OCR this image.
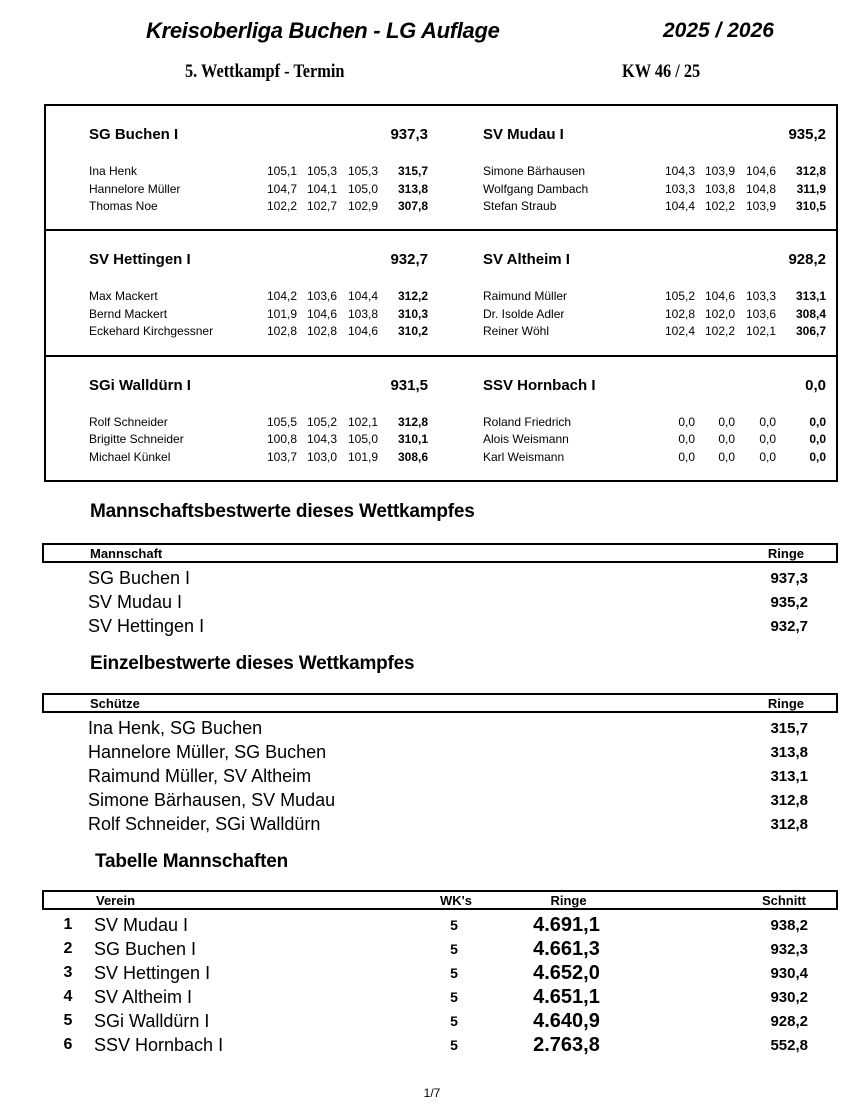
Kreisoberliga Buchen - LG Auflage	2025 / 2026
5. Wettkampf - Termin	KW 46 / 25
SG Buchen I	937,3
Ina Henk	105,1 105,3 105,3	315,7
Hannelore Müller	104,7 104,1 105,0	313,8
Thomas Noe	102,2 102,7 102,9	307,8
SV Mudau I	935,2
Simone Bärhausen	104,3 103,9 104,6	312,8
Wolfgang Dambach	103,3 103,8 104,8	311,9
Stefan Straub	104,4 102,2 103,9	310,5
SV Hettingen I	932,7
Max Mackert	104,2 103,6 104,4	312,2
Bernd Mackert	101,9 104,6 103,8	310,3
Eckehard Kirchgessner	102,8 102,8 104,6	310,2
SV Altheim I	928,2
Raimund Müller	105,2 104,6 103,3	313,1
Dr. Isolde Adler	102,8 102,0 103,6	308,4
Reiner Wöhl	102,4 102,2 102,1	306,7
SGi Walldürn I	931,5
Rolf Schneider	105,5 105,2 102,1	312,8
Brigitte Schneider	100,8 104,3 105,0	310,1
Michael Künkel	103,7 103,0 101,9	308,6
SSV Hornbach I	0,0
Roland Friedrich	0,0	0,0	0,0	0,0
Alois Weismann	0,0	0,0	0,0	0,0
Karl Weismann	0,0	0,0	0,0	0,0
Mannschaftsbestwerte dieses Wettkampfes
Mannschaft	Ringe
SG Buchen I	937,3
SV Mudau I	935,2
SV Hettingen I	932,7
Einzelbestwerte dieses Wettkampfes
Schütze	Ringe
Ina Henk, SG Buchen	315,7
Hannelore Müller, SG Buchen	313,8
Raimund Müller, SV Altheim	313,1
Simone Bärhausen, SV Mudau	312,8
Rolf Schneider, SGi Walldürn	312,8
Tabelle Mannschaften
Verein	WK's	Ringe	Schnitt
1	SV Mudau I	5	4.691,1	938,2
2	SG Buchen I	5	4.661,3	932,3
3	SV Hettingen I	5	4.652,0	930,4
4	SV Altheim I	5	4.651,1	930,2
5	SGi Walldürn I	5	4.640,9	928,2
6	SSV Hornbach I	5	2.763,8	552,8
1/7
